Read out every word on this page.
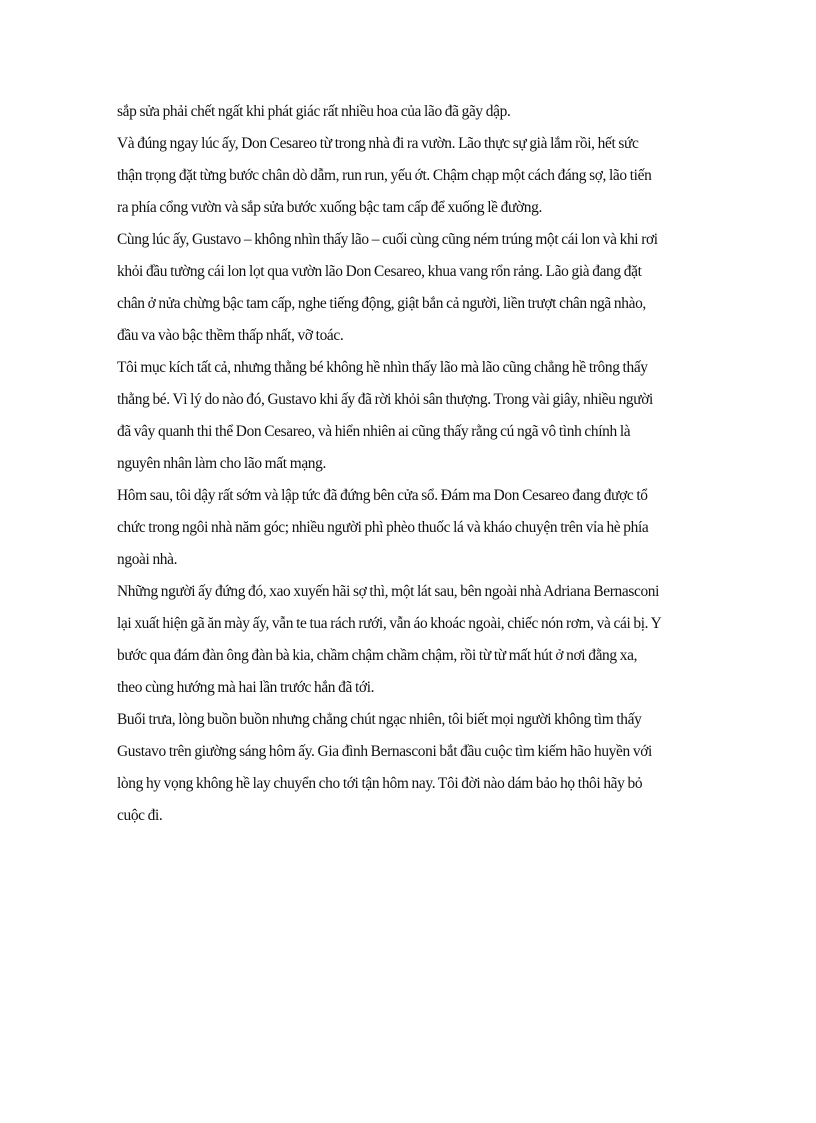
sắp sửa phải chết ngất khi phát giác rất nhiều hoa của lão đã gãy dập.
Và đúng ngay lúc ấy, Don Cesareo từ trong nhà đi ra vườn. Lão thực sự già lắm rồi, hết sức
thận trọng đặt từng bước chân dò dẫm, run run, yếu ớt. Chậm chạp một cách đáng sợ, lão tiến
ra phía cổng vườn và sắp sửa bước xuống bậc tam cấp để xuống lề đường.
Cùng lúc ấy, Gustavo – không nhìn thấy lão – cuối cùng cũng ném trúng một cái lon và khi rơi
khỏi đầu tường cái lon lọt qua vườn lão Don Cesareo, khua vang rổn rảng. Lão già đang đặt
chân ở nửa chừng bậc tam cấp, nghe tiếng động, giật bắn cả người, liền trượt chân ngã nhào,
đầu va vào bậc thềm thấp nhất, vỡ toác.
Tôi mục kích tất cả, nhưng thằng bé không hề nhìn thấy lão mà lão cũng chẳng hề trông thấy
thằng bé. Vì lý do nào đó, Gustavo khi ấy đã rời khỏi sân thượng. Trong vài giây, nhiều người
đã vây quanh thi thể Don Cesareo, và hiển nhiên ai cũng thấy rằng cú ngã vô tình chính là
nguyên nhân làm cho lão mất mạng.
Hôm sau, tôi dậy rất sớm và lập tức đã đứng bên cửa sổ. Đám ma Don Cesareo đang được tổ
chức trong ngôi nhà năm góc; nhiều người phì phèo thuốc lá và kháo chuyện trên vỉa hè phía
ngoài nhà.
Những người ấy đứng đó, xao xuyến hãi sợ thì, một lát sau, bên ngoài nhà Adriana Bernasconi
lại xuất hiện gã ăn mày ấy, vẫn te tua rách rưới, vẫn áo khoác ngoài, chiếc nón rơm, và cái bị. Y
bước qua đám đàn ông đàn bà kia, chầm chậm chầm chậm, rồi từ từ mất hút ở nơi đằng xa,
theo cùng hướng mà hai lần trước hắn đã tới.
Buổi trưa, lòng buồn buồn nhưng chẳng chút ngạc nhiên, tôi biết mọi người không tìm thấy
Gustavo trên giường sáng hôm ấy. Gia đình Bernasconi bắt đầu cuộc tìm kiếm hão huyền với
lòng hy vọng không hề lay chuyển cho tới tận hôm nay. Tôi đời nào dám bảo họ thôi hãy bỏ
cuộc đi.
